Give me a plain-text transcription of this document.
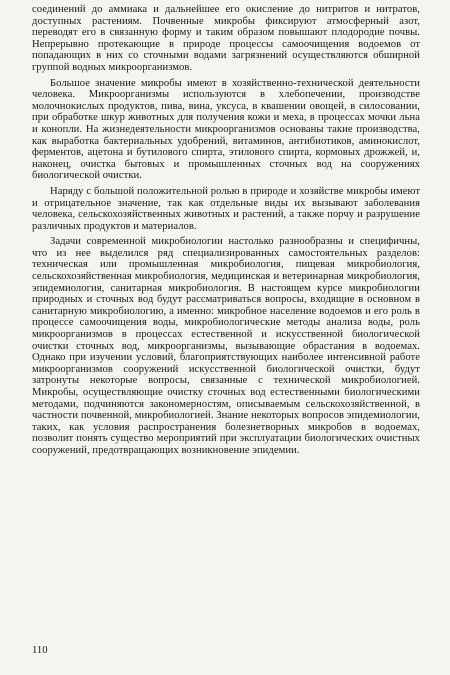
соединений до аммиака и дальнейшее его окисление до нитритов и нитратов, доступных растениям. Почвенные микробы фиксируют атмосферный азот, переводят его в связанную форму и таким образом повышают плодородие почвы. Непрерывно протекающие в природе процессы самоочищения водоемов от попадающих в них со сточными водами загрязнений осуществляются обширной группой водных микроорганизмов.

Большое значение микробы имеют в хозяйственно-технической деятельности человека. Микроорганизмы используются в хлебопечении, производстве молочнокислых продуктов, пива, вина, уксуса, в квашении овощей, в силосовании, при обработке шкур животных для получения кожи и меха, в процессах мочки льна и конопли. На жизнедеятельности микроорганизмов основаны такие производства, как выработка бактериальных удобрений, витаминов, антибиотиков, аминокислот, ферментов, ацетона и бутилового спирта, этилового спирта, кормовых дрожжей, и, наконец, очистка бытовых и промышленных сточных вод на сооружениях биологической очистки.

Наряду с большой положительной ролью в природе и хозяйстве микробы имеют и отрицательное значение, так как отдельные виды их вызывают заболевания человека, сельскохозяйственных животных и растений, а также порчу и разрушение различных продуктов и материалов.

Задачи современной микробиологии настолько разнообразны и специфичны, что из нее выделился ряд специализированных самостоятельных разделов: техническая или промышленная микробиология, пищевая микробиология, сельскохозяйственная микробиология, медицинская и ветеринарная микробиология, эпидемиология, санитарная микробиология. В настоящем курсе микробиологии природных и сточных вод будут рассматриваться вопросы, входящие в основном в санитарную микробиологию, а именно: микробное население водоемов и его роль в процессе самоочищения воды, микробиологические методы анализа воды, роль микроорганизмов в процессах естественной и искусственной биологической очистки сточных вод, микроорганизмы, вызывающие обрастания в водоемах. Однако при изучении условий, благоприятствующих наиболее интенсивной работе микроорганизмов сооружений искусственной биологической очистки, будут затронуты некоторые вопросы, связанные с технической микробиологией. Микробы, осуществляющие очистку сточных вод естественными биологическими методами, подчиняются закономерностям, описываемым сельскохозяйственной, в частности почвенной, микробиологией. Знание некоторых вопросов эпидемиологии, таких, как условия распространения болезнетворных микробов в водоемах, позволит понять существо мероприятий при эксплуатации биологических очистных сооружений, предотвращающих возникновение эпидемии.

110
